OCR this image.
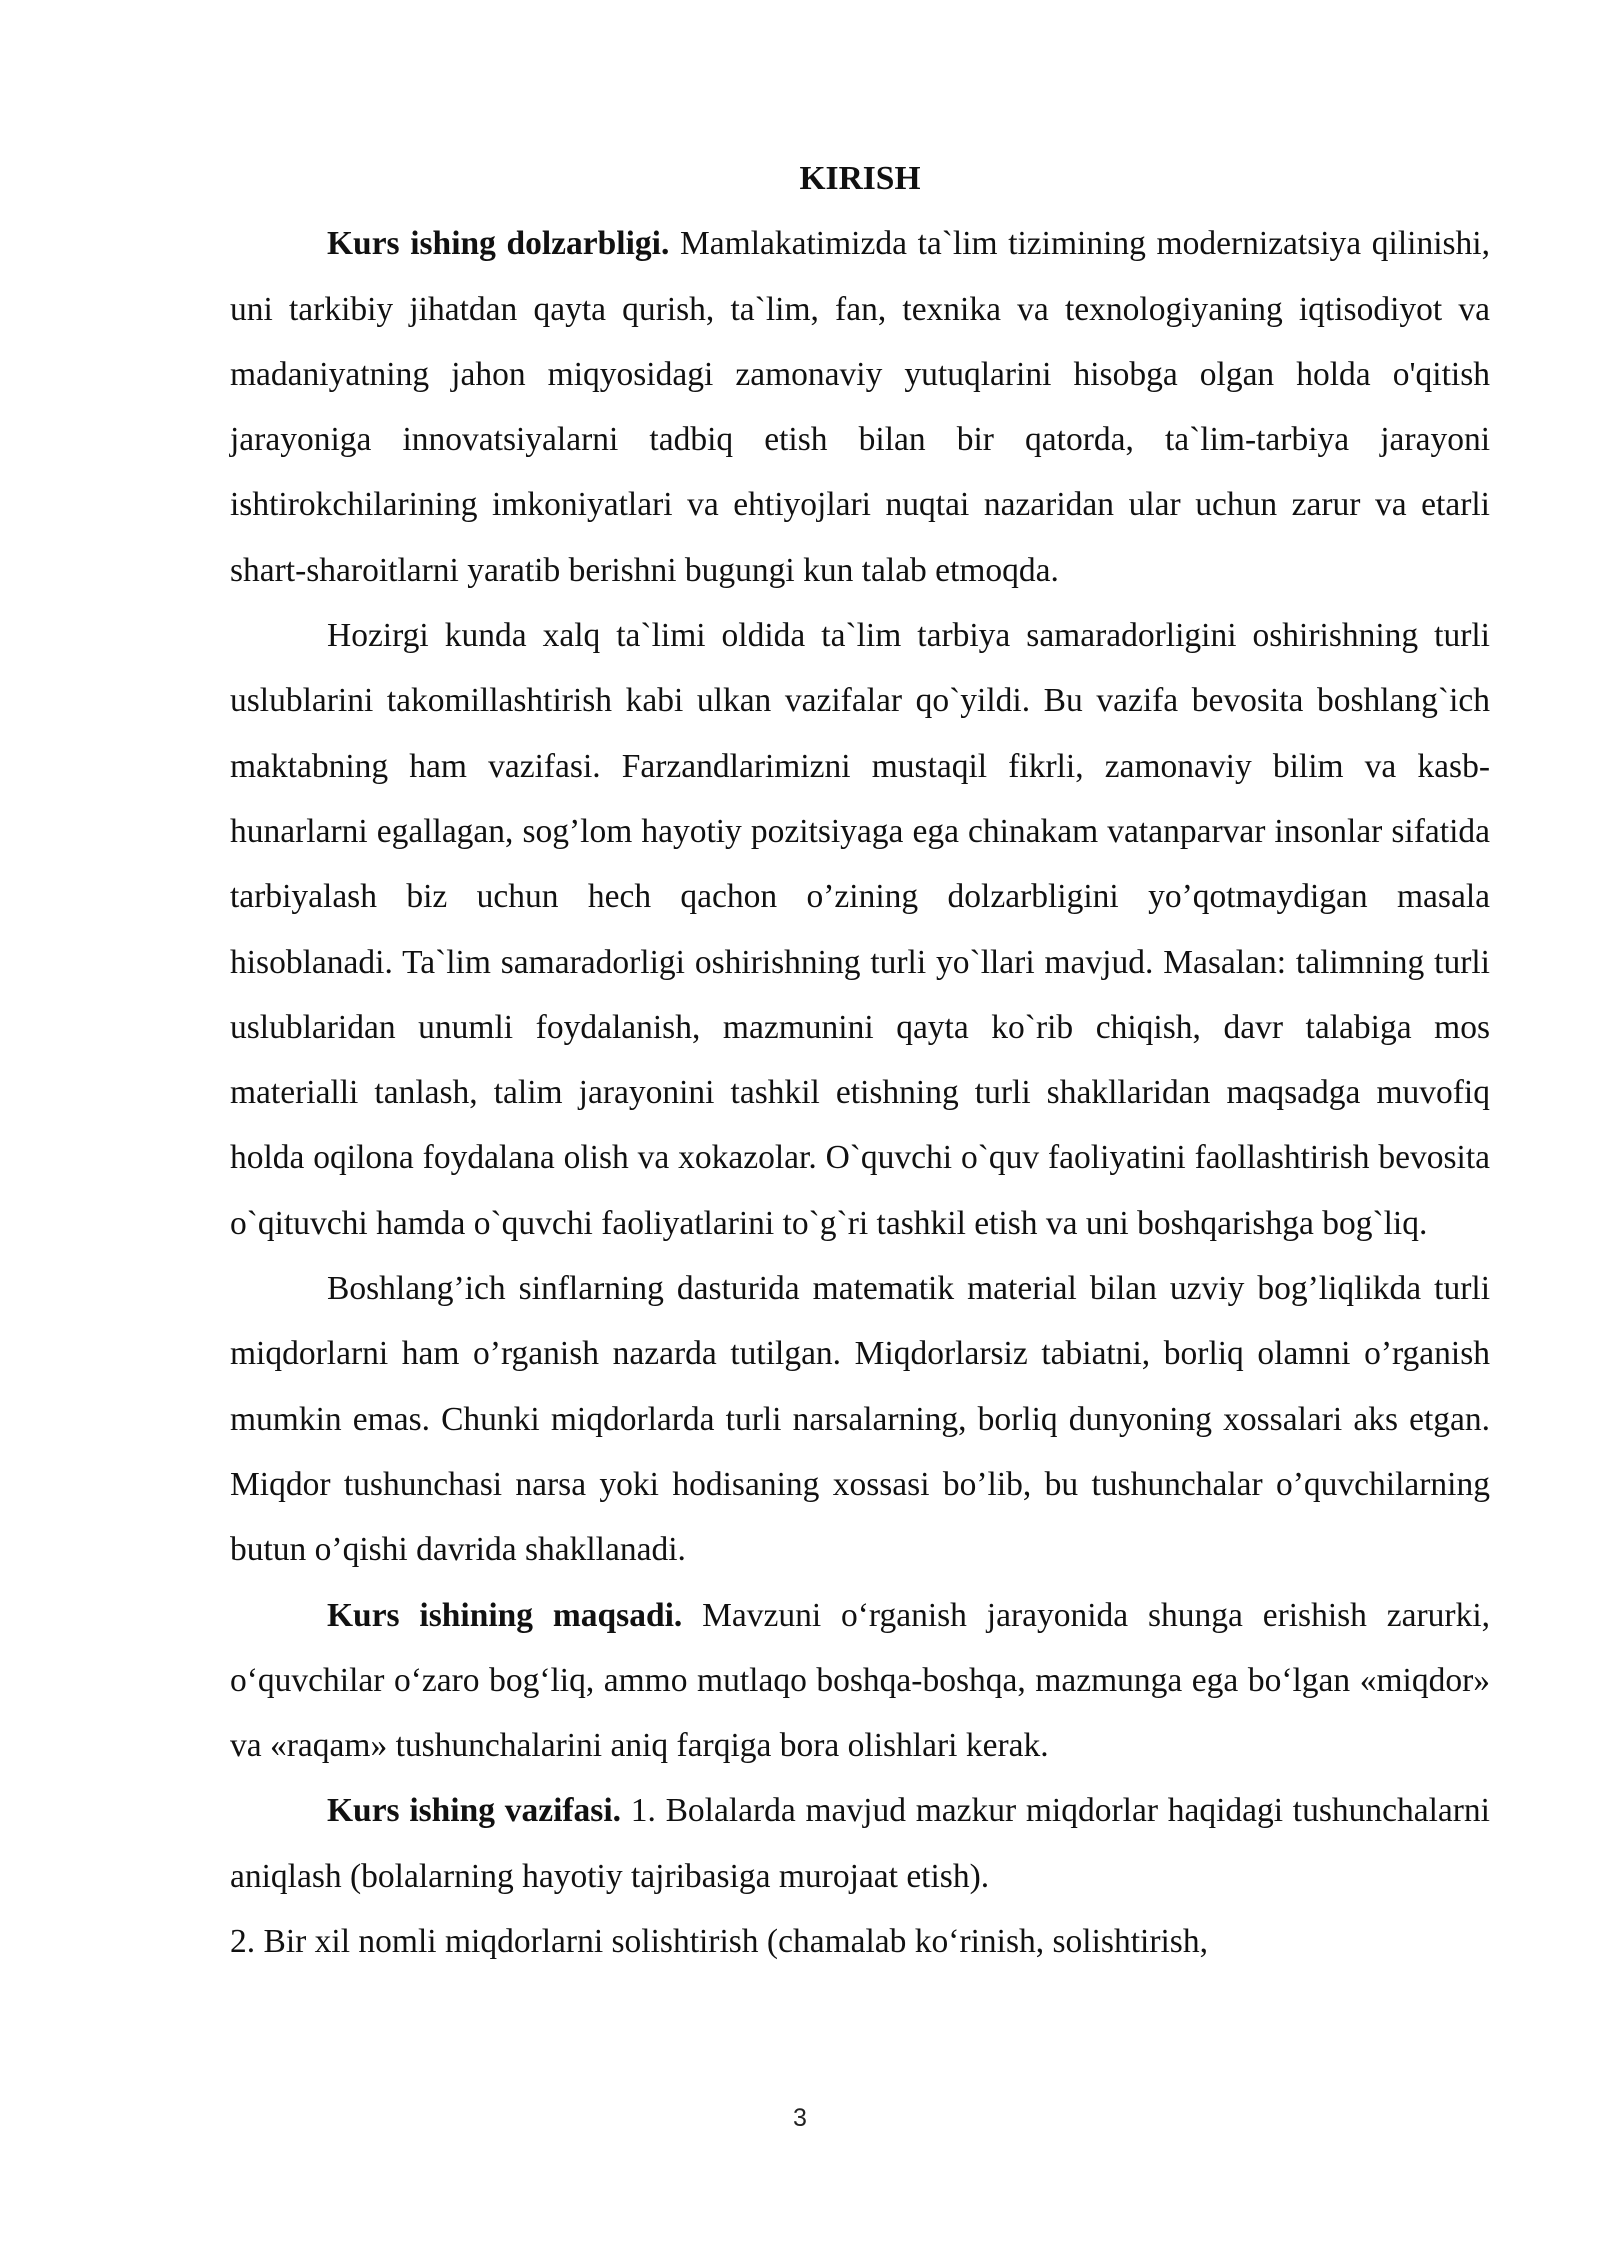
KIRISH

Kurs ishing dolzarbligi. Mamlakatimizda ta`lim tizimining modernizatsiya qilinishi, uni tarkibiy jihatdan qayta qurish, ta`lim, fan, texnika va texnologiyaning iqtisodiyot va madaniyatning jahon miqyosidagi zamonaviy yutuqlarini hisobga olgan holda o'qitish jarayoniga innovatsiyalarni tadbiq etish bilan bir qatorda, ta`lim-tarbiya jarayoni ishtirokchilarining imkoniyatlari va ehtiyojlari nuqtai nazaridan ular uchun zarur va etarli shart-sharoitlarni yaratib berishni bugungi kun talab etmoqda.

Hozirgi kunda xalq ta`limi oldida ta`lim tarbiya samaradorligini oshirishning turli uslublarini takomillashtirish kabi ulkan vazifalar qo`yildi. Bu vazifa bevosita boshlang`ich maktabning ham vazifasi. Farzandlarimizni mustaqil fikrli, zamonaviy bilim va kasb-hunarlarni egallagan, sog’lom hayotiy pozitsiyaga ega chinakam vatanparvar insonlar sifatida tarbiyalash biz uchun hech qachon o’zining dolzarbligini yo’qotmaydigan masala hisoblanadi. Ta`lim samaradorligi oshirishning turli yo`llari mavjud. Masalan: talimning turli uslublaridan unumli foydalanish, mazmunini qayta ko`rib chiqish, davr talabiga mos materialli tanlash, talim jarayonini tashkil etishning turli shakllaridan maqsadga muvofiq holda oqilona foydalana olish va xokazolar. O`quvchi o`quv faoliyatini faollashtirish bevosita o`qituvchi hamda o`quvchi faoliyatlarini to`g`ri tashkil etish va uni boshqarishga bog`liq.

Boshlang’ich sinflarning dasturida matematik material bilan uzviy bog’liqlikda turli miqdorlarni ham o’rganish nazarda tutilgan. Miqdorlarsiz tabiatni, borliq olamni o’rganish mumkin emas. Chunki miqdorlarda turli narsalarning, borliq dunyoning xossalari aks etgan. Miqdor tushunchasi narsa yoki hodisaning xossasi bo’lib, bu tushunchalar o’quvchilarning butun o’qishi davrida shakllanadi.

Kurs ishining maqsadi. Mavzuni o‘rganish jarayonida shunga erishish zarurki, o‘quvchilar o‘zaro bog‘liq, ammo mutlaqo boshqa-boshqa, mazmunga ega bo‘lgan «miqdor» va «raqam» tushunchalarini aniq farqiga bora olishlari kerak.

Kurs ishing vazifasi. 1. Bolalarda mavjud mazkur miqdorlar haqidagi tushunchalarni aniqlash (bolalarning hayotiy tajribasiga murojaat etish).

2. Bir xil nomli miqdorlarni solishtirish (chamalab ko‘rinish, solishtirish,

3
